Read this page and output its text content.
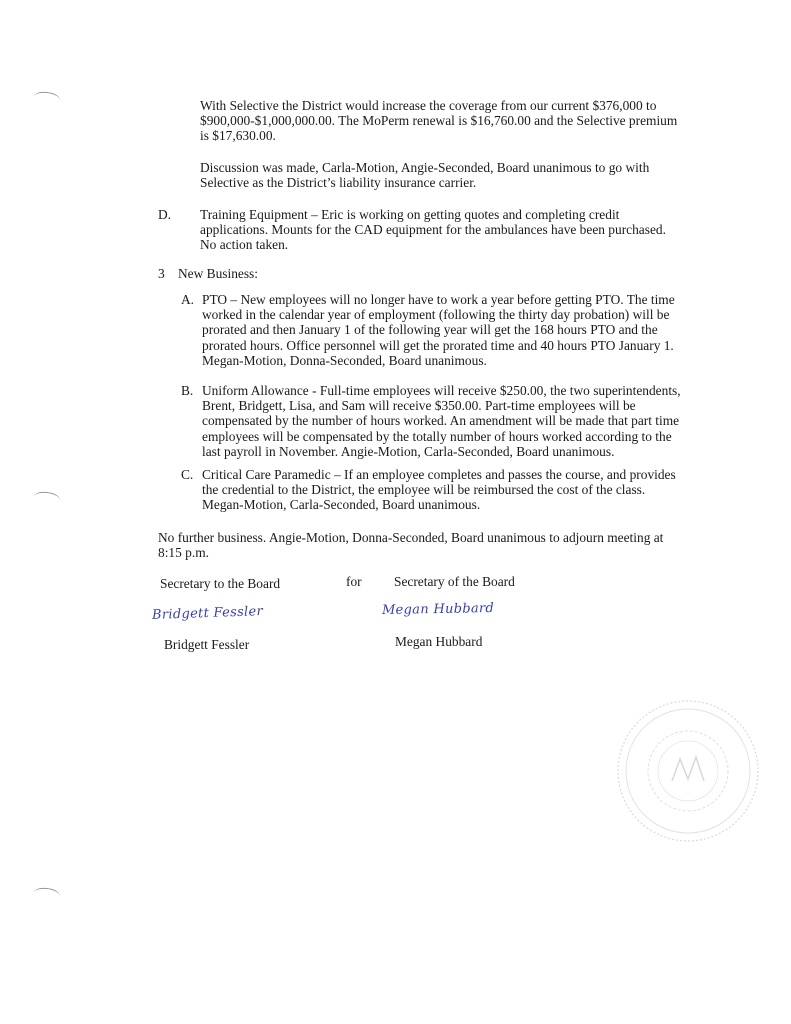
With Selective the District would increase the coverage from our current $376,000 to
$900,000-$1,000,000.00. The MoPerm renewal is $16,760.00 and the Selective premium
is $17,630.00.
Discussion was made, Carla-Motion, Angie-Seconded, Board unanimous to go with
Selective as the District’s liability insurance carrier.
D. Training Equipment – Eric is working on getting quotes and completing credit
applications. Mounts for the CAD equipment for the ambulances have been purchased.
No action taken.
3 New Business:
A. PTO – New employees will no longer have to work a year before getting PTO. The time
worked in the calendar year of employment (following the thirty day probation) will be
prorated and then January 1 of the following year will get the 168 hours PTO and the
prorated hours. Office personnel will get the prorated time and 40 hours PTO January 1.
Megan-Motion, Donna-Seconded, Board unanimous.
B. Uniform Allowance - Full-time employees will receive $250.00, the two superintendents,
Brent, Bridgett, Lisa, and Sam will receive $350.00. Part-time employees will be
compensated by the number of hours worked. An amendment will be made that part time
employees will be compensated by the totally number of hours worked according to the
last payroll in November. Angie-Motion, Carla-Seconded, Board unanimous.
C. Critical Care Paramedic – If an employee completes and passes the course, and provides
the credential to the District, the employee will be reimbursed the cost of the class.
Megan-Motion, Carla-Seconded, Board unanimous.
No further business. Angie-Motion, Donna-Seconded, Board unanimous to adjourn meeting at
8:15 p.m.
Secretary to the Board	for Secretary of the Board
Bridgett Fessler	Megan Hubbard
Bridgett Fessler	Megan Hubbard
